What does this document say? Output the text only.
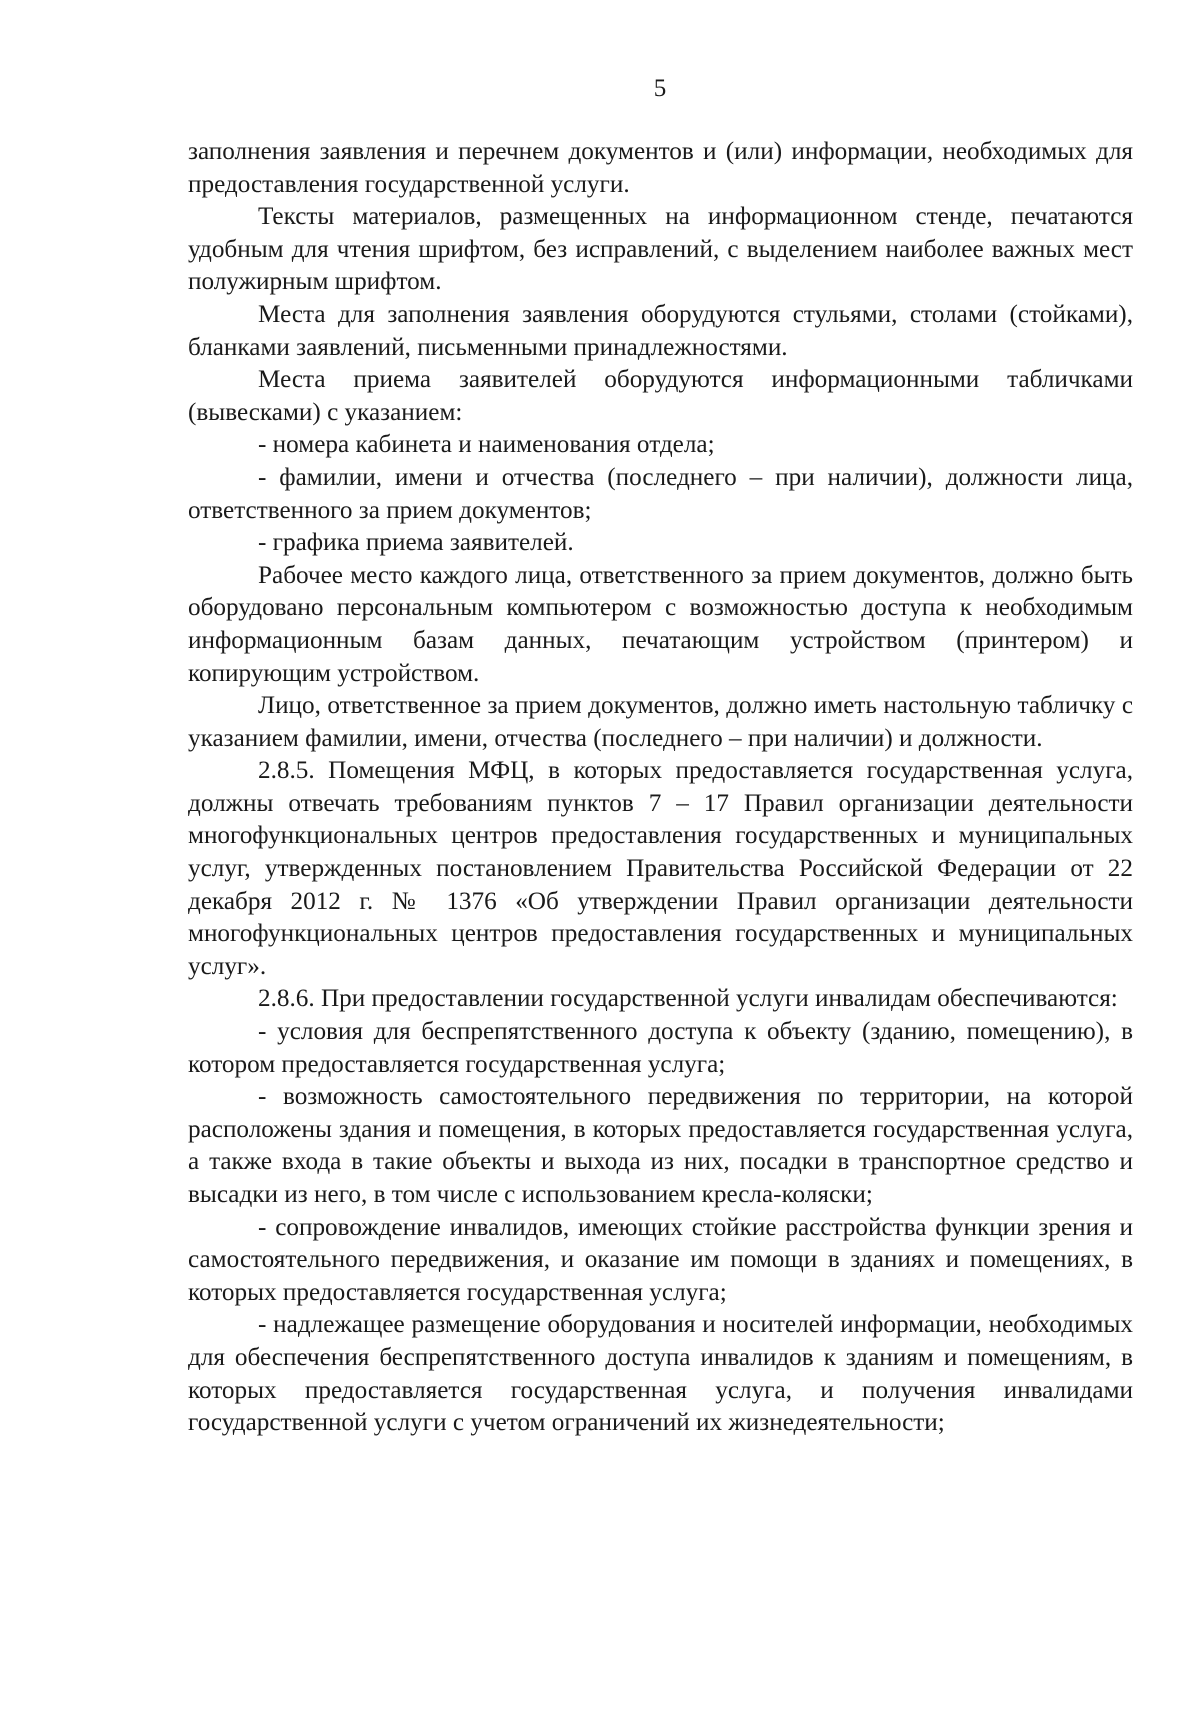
5

заполнения заявления и перечнем документов и (или) информации, необходимых для предоставления государственной услуги.

Тексты материалов, размещенных на информационном стенде, печатаются удобным для чтения шрифтом, без исправлений, с выделением наиболее важных мест полужирным шрифтом.

Места для заполнения заявления оборудуются стульями, столами (стойками), бланками заявлений, письменными принадлежностями.

Места приема заявителей оборудуются информационными табличками (вывесками) с указанием:

- номера кабинета и наименования отдела;

- фамилии, имени и отчества (последнего – при наличии), должности лица, ответственного за прием документов;

- графика приема заявителей.

Рабочее место каждого лица, ответственного за прием документов, должно быть оборудовано персональным компьютером с возможностью доступа к необходимым информационным базам данных, печатающим устройством (принтером) и копирующим устройством.

Лицо, ответственное за прием документов, должно иметь настольную табличку с указанием фамилии, имени, отчества (последнего – при наличии) и должности.

2.8.5. Помещения МФЦ, в которых предоставляется государственная услуга, должны отвечать требованиям пунктов 7 – 17 Правил организации деятельности многофункциональных центров предоставления государственных и муниципальных услуг, утвержденных постановлением Правительства Российской Федерации от 22 декабря 2012 г. № 1376 «Об утверждении Правил организации деятельности многофункциональных центров предоставления государственных и муниципальных услуг».

2.8.6. При предоставлении государственной услуги инвалидам обеспечиваются:

- условия для беспрепятственного доступа к объекту (зданию, помещению), в котором предоставляется государственная услуга;

- возможность самостоятельного передвижения по территории, на которой расположены здания и помещения, в которых предоставляется государственная услуга, а также входа в такие объекты и выхода из них, посадки в транспортное средство и высадки из него, в том числе с использованием кресла-коляски;

- сопровождение инвалидов, имеющих стойкие расстройства функции зрения и самостоятельного передвижения, и оказание им помощи в зданиях и помещениях, в которых предоставляется государственная услуга;

- надлежащее размещение оборудования и носителей информации, необходимых для обеспечения беспрепятственного доступа инвалидов к зданиям и помещениям, в которых предоставляется государственная услуга, и получения инвалидами государственной услуги с учетом ограничений их жизнедеятельности;
